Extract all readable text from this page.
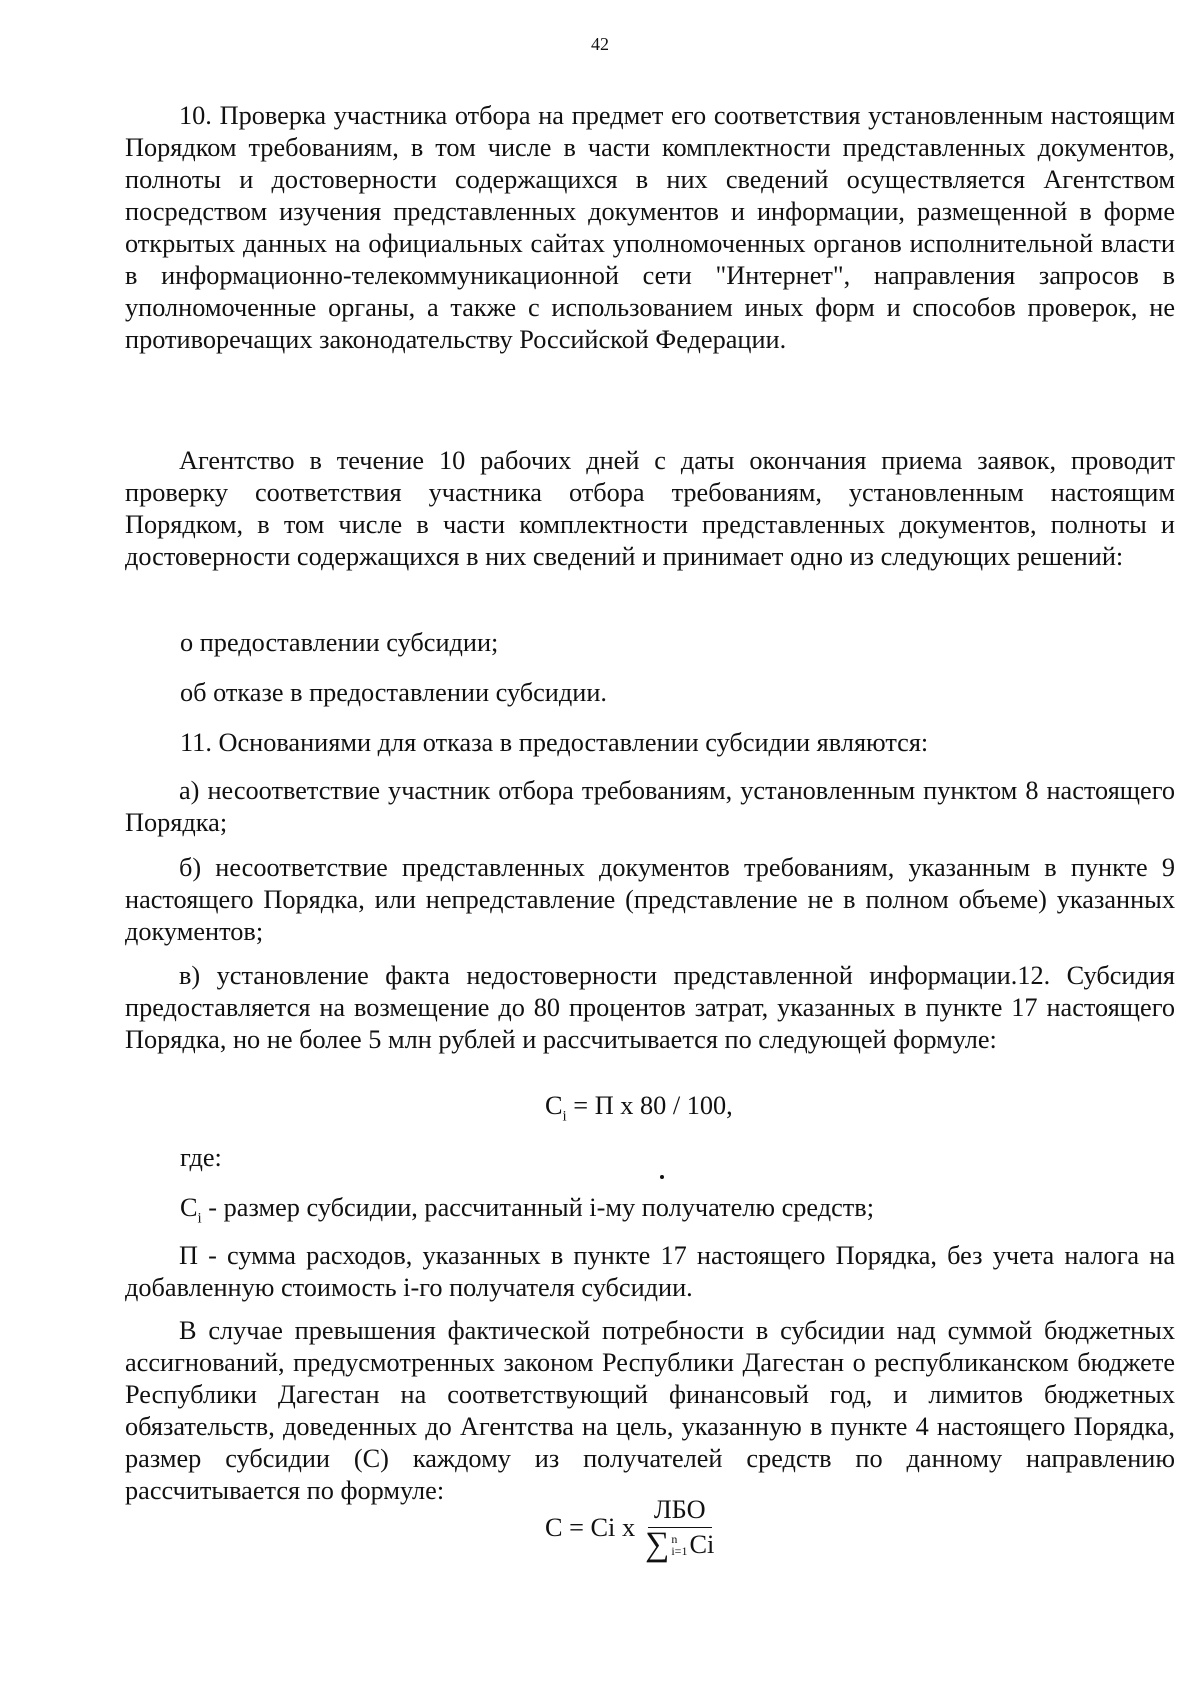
42

10. Проверка участника отбора на предмет его соответствия установленным настоящим Порядком требованиям, в том числе в части комплектности представленных документов, полноты и достоверности содержащихся в них сведений осуществляется Агентством посредством изучения представленных документов и информации, размещенной в форме открытых данных на официальных сайтах уполномоченных органов исполнительной власти в информационно-телекоммуникационной сети "Интернет", направления запросов в уполномоченные органы, а также с использованием иных форм и способов проверок, не противоречащих законодательству Российской Федерации.

Агентство в течение 10 рабочих дней с даты окончания приема заявок, проводит проверку соответствия участника отбора требованиям, установленным настоящим Порядком, в том числе в части комплектности представленных документов, полноты и достоверности содержащихся в них сведений и принимает одно из следующих решений:

о предоставлении субсидии;

об отказе в предоставлении субсидии.

11. Основаниями для отказа в предоставлении субсидии являются:

а) несоответствие участник отбора требованиям, установленным пунктом 8 настоящего Порядка;

б) несоответствие представленных документов требованиям, указанным в пункте 9 настоящего Порядка, или непредставление (представление не в полном объеме) указанных документов;

в) установление факта недостоверности представленной информации.12. Субсидия предоставляется на возмещение до 80 процентов затрат, указанных в пункте 17 настоящего Порядка, но не более 5 млн рублей и рассчитывается по следующей формуле:

$C_i = П$ x 80 / 100,

где:

$C_i$ - размер субсидии, рассчитанный i-му получателю средств;

П - сумма расходов, указанных в пункте 17 настоящего Порядка, без учета налога на добавленную стоимость i-го получателя субсидии.

В случае превышения фактической потребности в субсидии над суммой бюджетных ассигнований, предусмотренных законом Республики Дагестан о республиканском бюджете Республики Дагестан на соответствующий финансовый год, и лимитов бюджетных обязательств, доведенных до Агентства на цель, указанную в пункте 4 настоящего Порядка, размер субсидии (С) каждому из получателей средств по данному направлению рассчитывается по формуле:

C = Ci x ЛБО
∑ n
i=1 Ci
